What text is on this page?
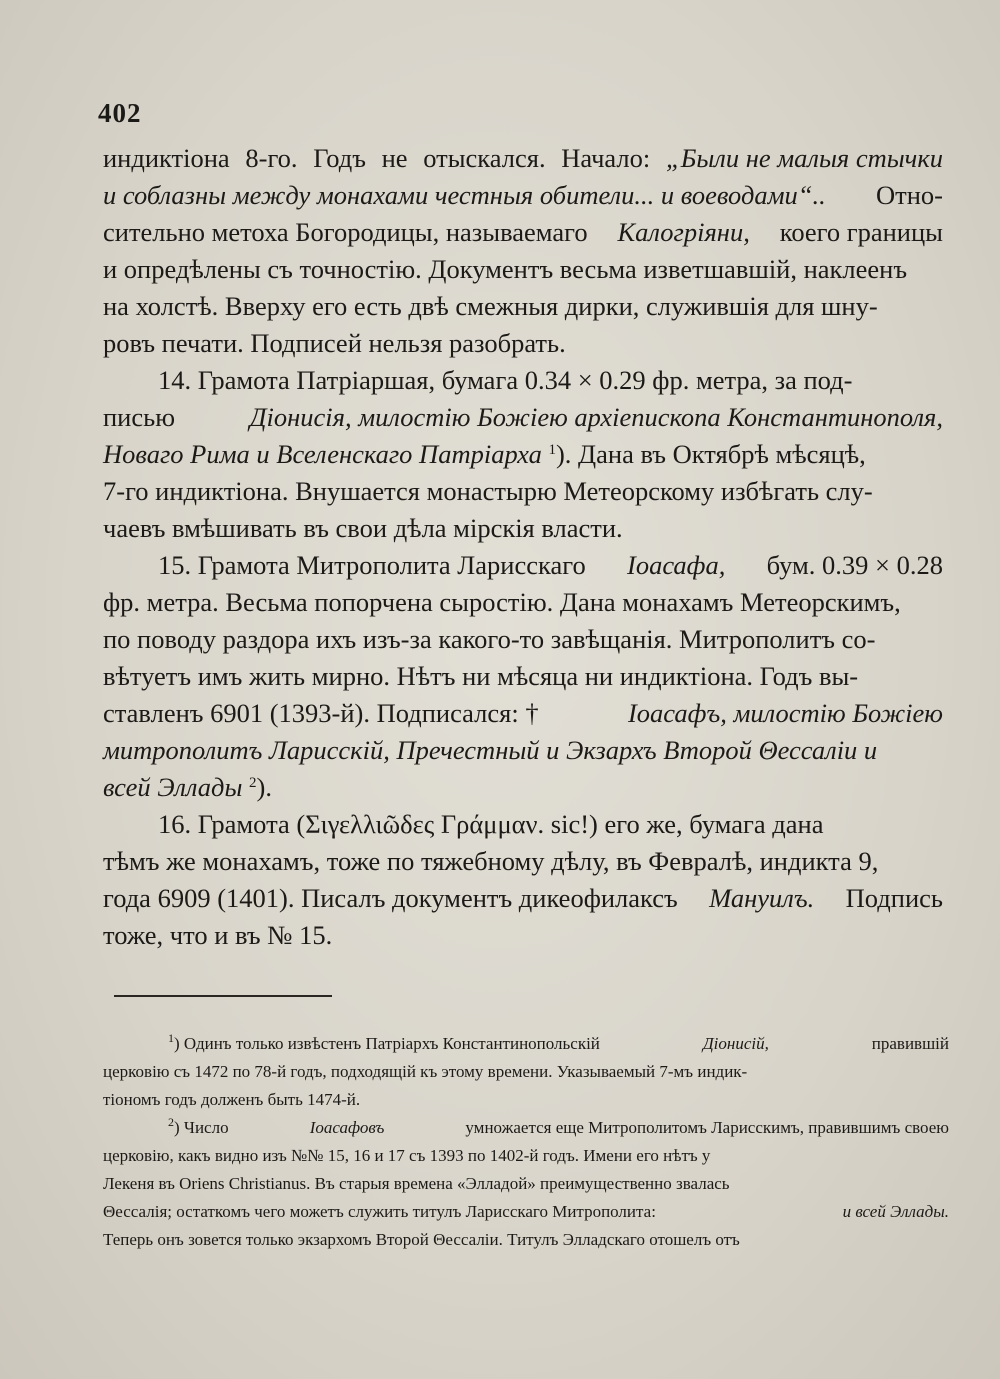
402
индиктіона 8-го. Годъ не отыскался. Начало: „Были не малыя стычки
и соблазны между монахами честныя обители... и воеводами“.. Отно-
сительно метоха Богородицы, называемаго Калогріяни, коего границы
и опредѣлены съ точностію. Документъ весьма изветшавшій, наклеенъ
на холстѣ. Вверху его есть двѣ смежныя дирки, служившія для шну-
ровъ печати. Подписей нельзя разобрать.
14. Грамота Патріаршая, бумага 0.34 × 0.29 фр. метра, за под-
писью	Діонисія, милостію Божіею архіепископа Константинополя,
Новаго Рима и Вселенскаго Патріарха $^1$). Дана въ Октябрѣ мѣсяцѣ,
7-го индиктіона. Внушается монастырю Метеорскому избѣгать слу-
чаевъ вмѣшивать въ свои дѣла мірскія власти.
15. Грамота Митрополита Ларисскаго Іоасафа, бум. 0.39 × 0.28
фр. метра. Весьма попорчена сыростію. Дана монахамъ Метеорскимъ,
по поводу раздора ихъ изъ-за какого-то завѣщанія. Митрополитъ со-
вѣтуетъ имъ жить мирно. Нѣтъ ни мѣсяца ни индиктіона. Годъ вы-
ставленъ 6901 (1393-й). Подписался: †	Іоасафъ, милостію Божіею
митрополитъ Ларисскій, Пречестный и Экзархъ Второй Θессаліи и
всей Эллады $^2$).
16. Грамота (Σιγελλιῶδες Γράμμαν. sic!) его же, бумага дана
тѣмъ же монахамъ, тоже по тяжебному дѣлу, въ Февралѣ, индикта 9,
года 6909 (1401). Писалъ документъ дикеофилаксъ Мануилъ. Подпись
тоже, что и въ № 15.
$^1$) Одинъ только извѣстенъ Патріархъ Константинопольскій	Діонисій,	правившій
церковію съ 1472 по 78-й годъ, подходящій къ этому времени. Указываемый 7-мъ индик-
тіономъ годъ долженъ быть 1474-й.
$^2$) Число	Іоасафовъ	умножается еще Митрополитомъ Ларисскимъ, правившимъ своею
церковію, какъ видно изъ №№ 15, 16 и 17 съ 1393 по 1402-й годъ. Имени его нѣтъ у
Лекеня въ Oriens Christianus. Въ старыя времена «Элладой» преимущественно звалась
Θессалія; остаткомъ чего можетъ служить титулъ Ларисскаго Митрополита:	и всей Эллады.
Теперь онъ зовется только экзархомъ Второй Θессаліи. Титулъ Элладскаго отошелъ отъ
